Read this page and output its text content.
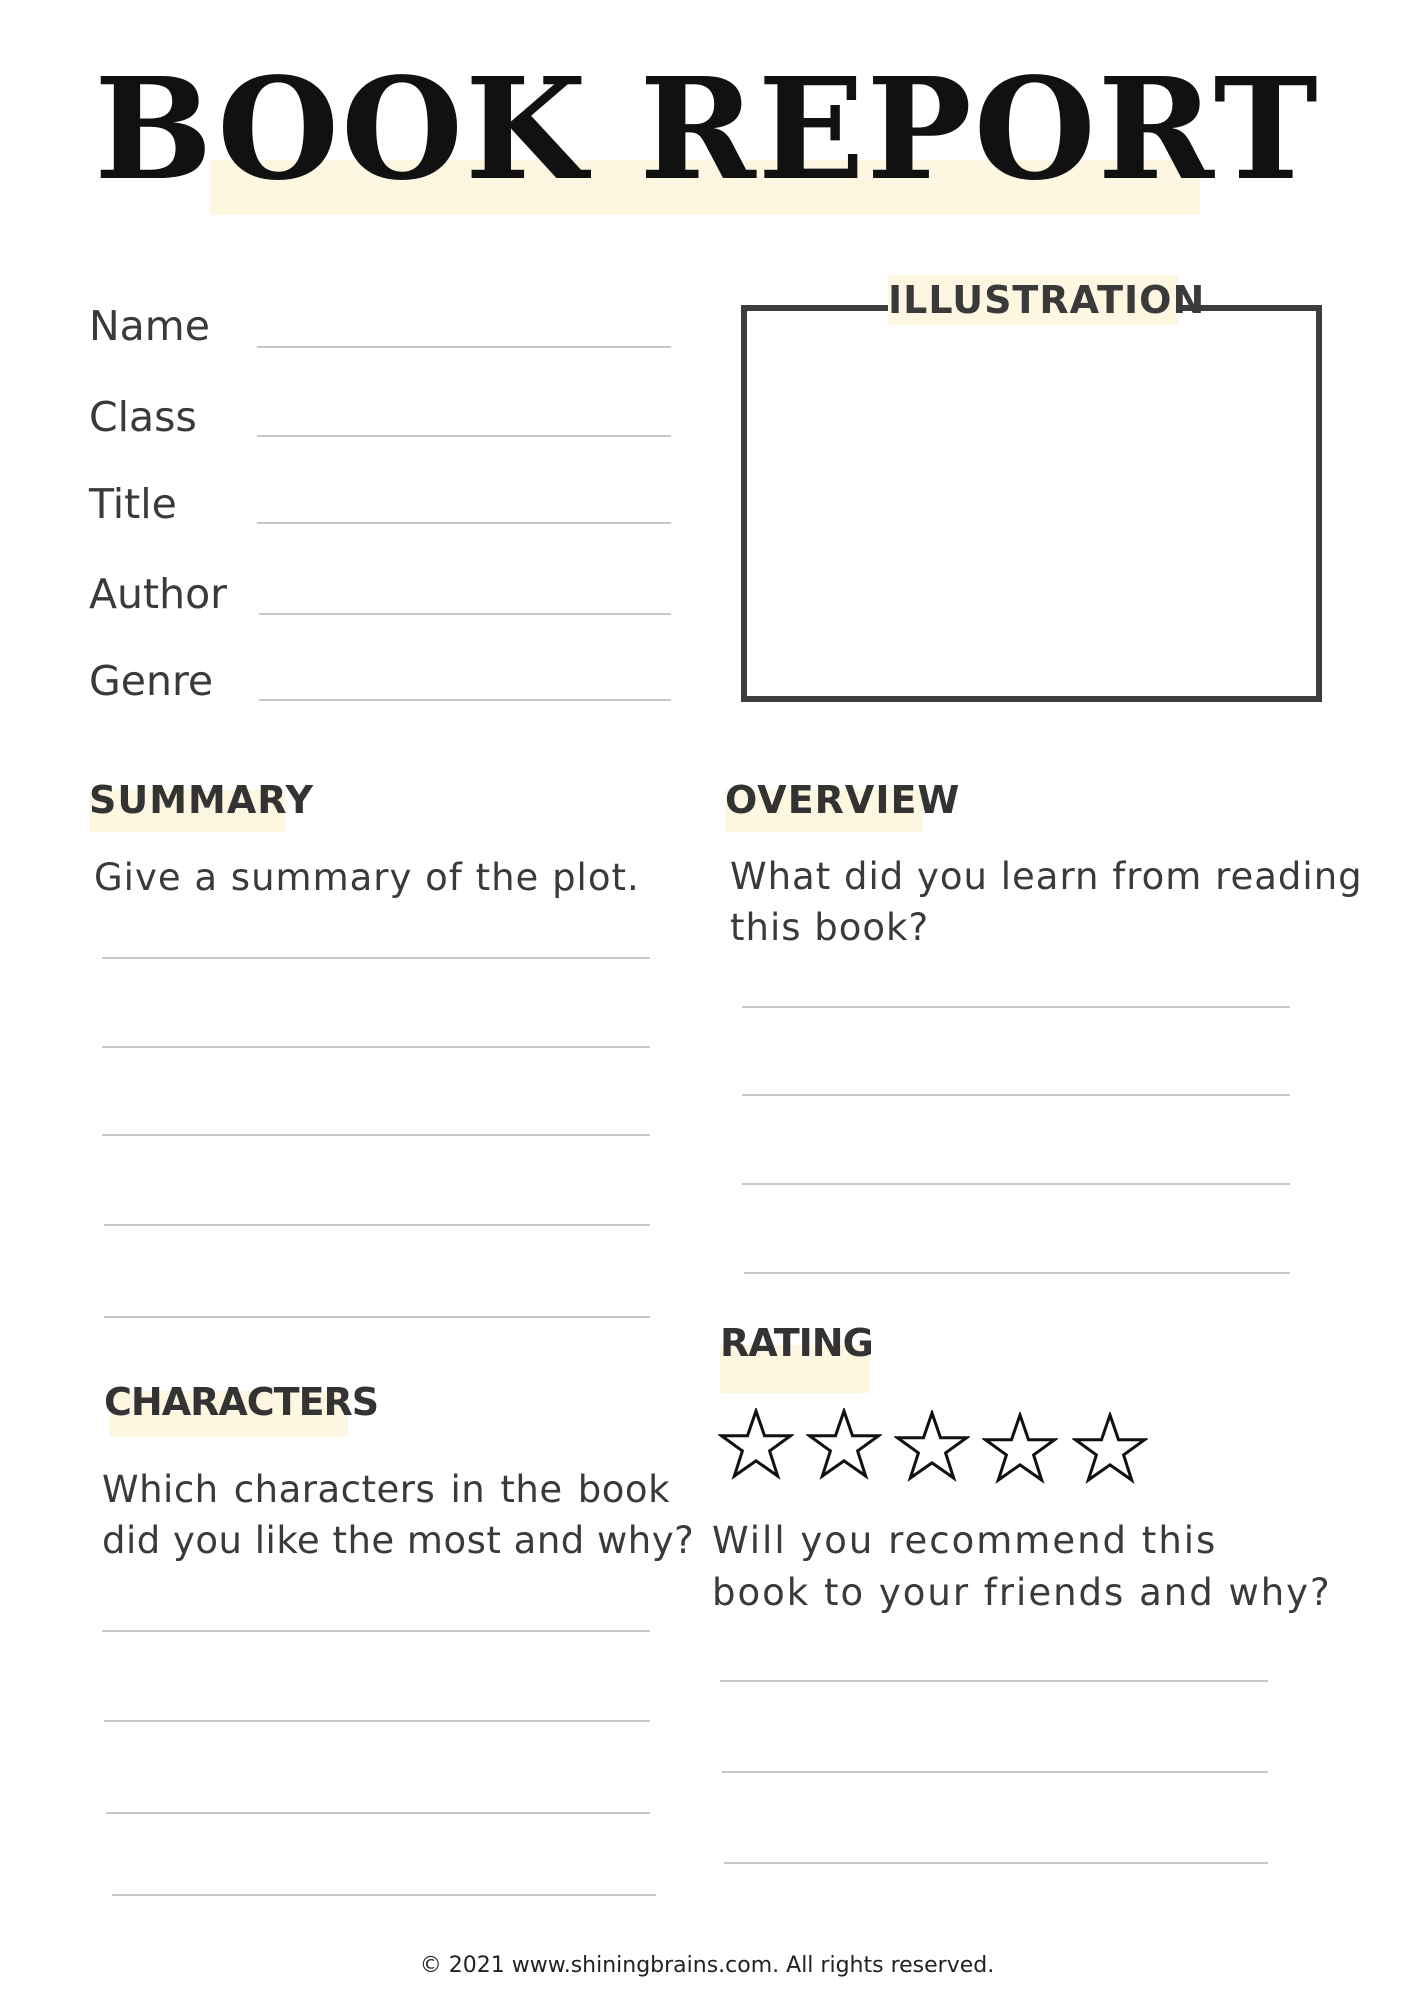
BOOK REPORT
Name
Class
Title
Author
Genre
ILLUSTRATION
SUMMARY
Give a summary of the plot.
OVERVIEW
What did you learn from reading
this book?
CHARACTERS
Which characters in the book
did you like the most and why?
RATING
Will you recommend this
book to your friends and why?
© 2021 www.shiningbrains.com. All rights reserved.
